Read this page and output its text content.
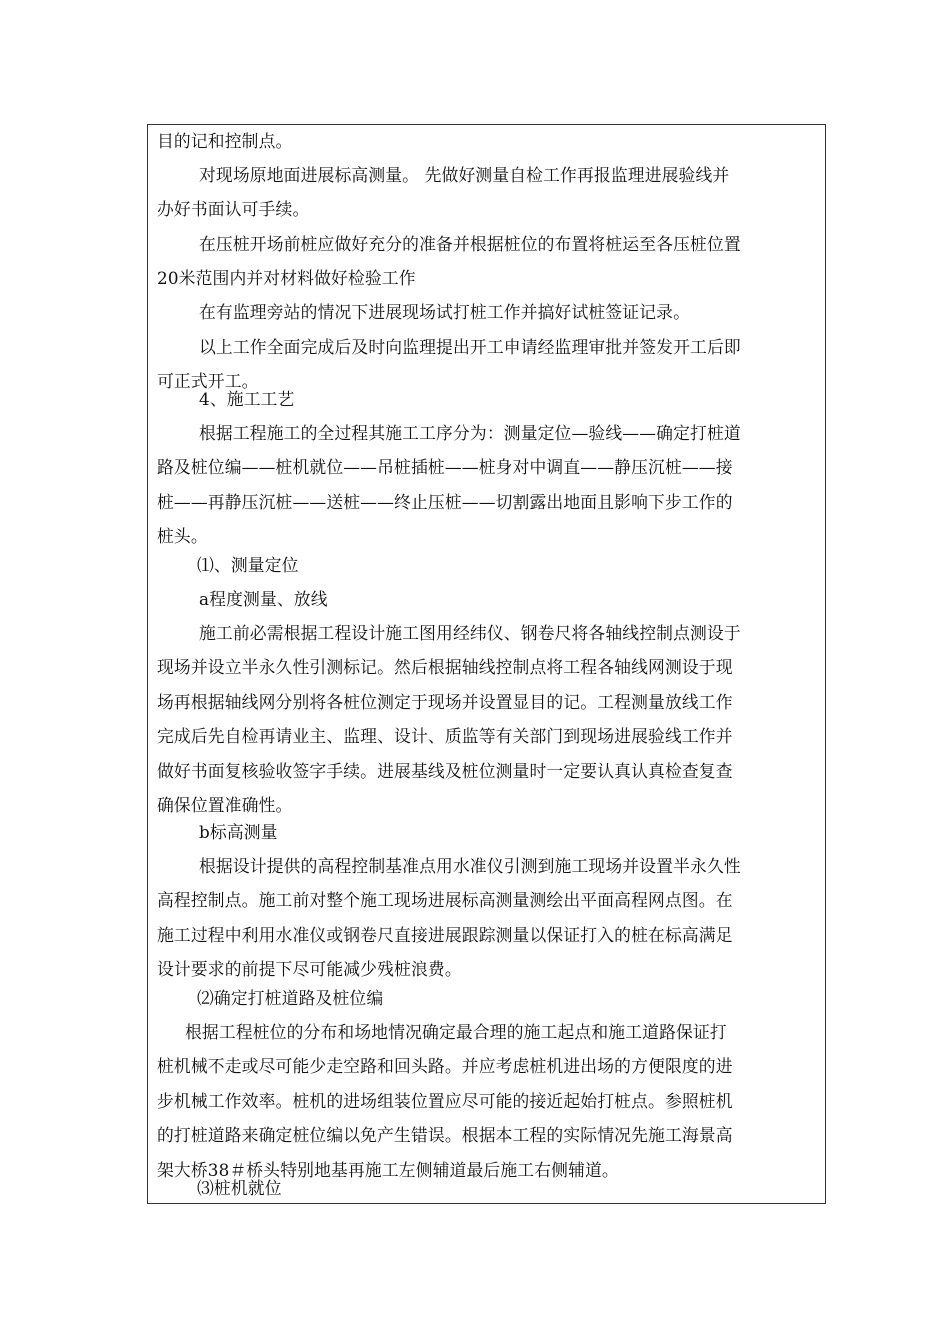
目的记和控制点。

对现场原地面进展标高测量。 先做好测量自检工作再报监理进展验线并
办好书面认可手续。

在压桩开场前桩应做好充分的准备并根据桩位的布置将桩运至各压桩位置
20米范围内并对材料做好检验工作

在有监理旁站的情况下进展现场试打桩工作并搞好试桩签证记录。

以上工作全面完成后及时向监理提出开工申请经监理审批并签发开工后即
可正式开工。

4、施工工艺

根据工程施工的全过程其施工工序分为：测量定位—验线——确定打桩道
路及桩位编——桩机就位——吊桩插桩——桩身对中调直——静压沉桩——接
桩——再静压沉桩——送桩——终止压桩——切割露出地面且影响下步工作的
桩头。

⑴、测量定位

a程度测量、放线

施工前必需根据工程设计施工图用经纬仪、钢卷尺将各轴线控制点测设于
现场并设立半永久性引测标记。然后根据轴线控制点将工程各轴线网测设于现
场再根据轴线网分别将各桩位测定于现场并设置显目的记。工程测量放线工作
完成后先自检再请业主、监理、设计、质监等有关部门到现场进展验线工作并
做好书面复核验收签字手续。进展基线及桩位测量时一定要认真认真检查复查
确保位置准确性。

b标高测量

根据设计提供的高程控制基准点用水准仪引测到施工现场并设置半永久性
高程控制点。施工前对整个施工现场进展标高测量测绘出平面高程网点图。在
施工过程中利用水准仪或钢卷尺直接进展跟踪测量以保证打入的桩在标高满足
设计要求的前提下尽可能减少残桩浪费。

⑵确定打桩道路及桩位编

根据工程桩位的分布和场地情况确定最合理的施工起点和施工道路保证打
桩机械不走或尽可能少走空路和回头路。并应考虑桩机进出场的方便限度的进
步机械工作效率。桩机的进场组装位置应尽可能的接近起始打桩点。参照桩机
的打桩道路来确定桩位编以免产生错误。根据本工程的实际情况先施工海景高
架大桥38＃桥头特别地基再施工左侧辅道最后施工右侧辅道。

⑶桩机就位
